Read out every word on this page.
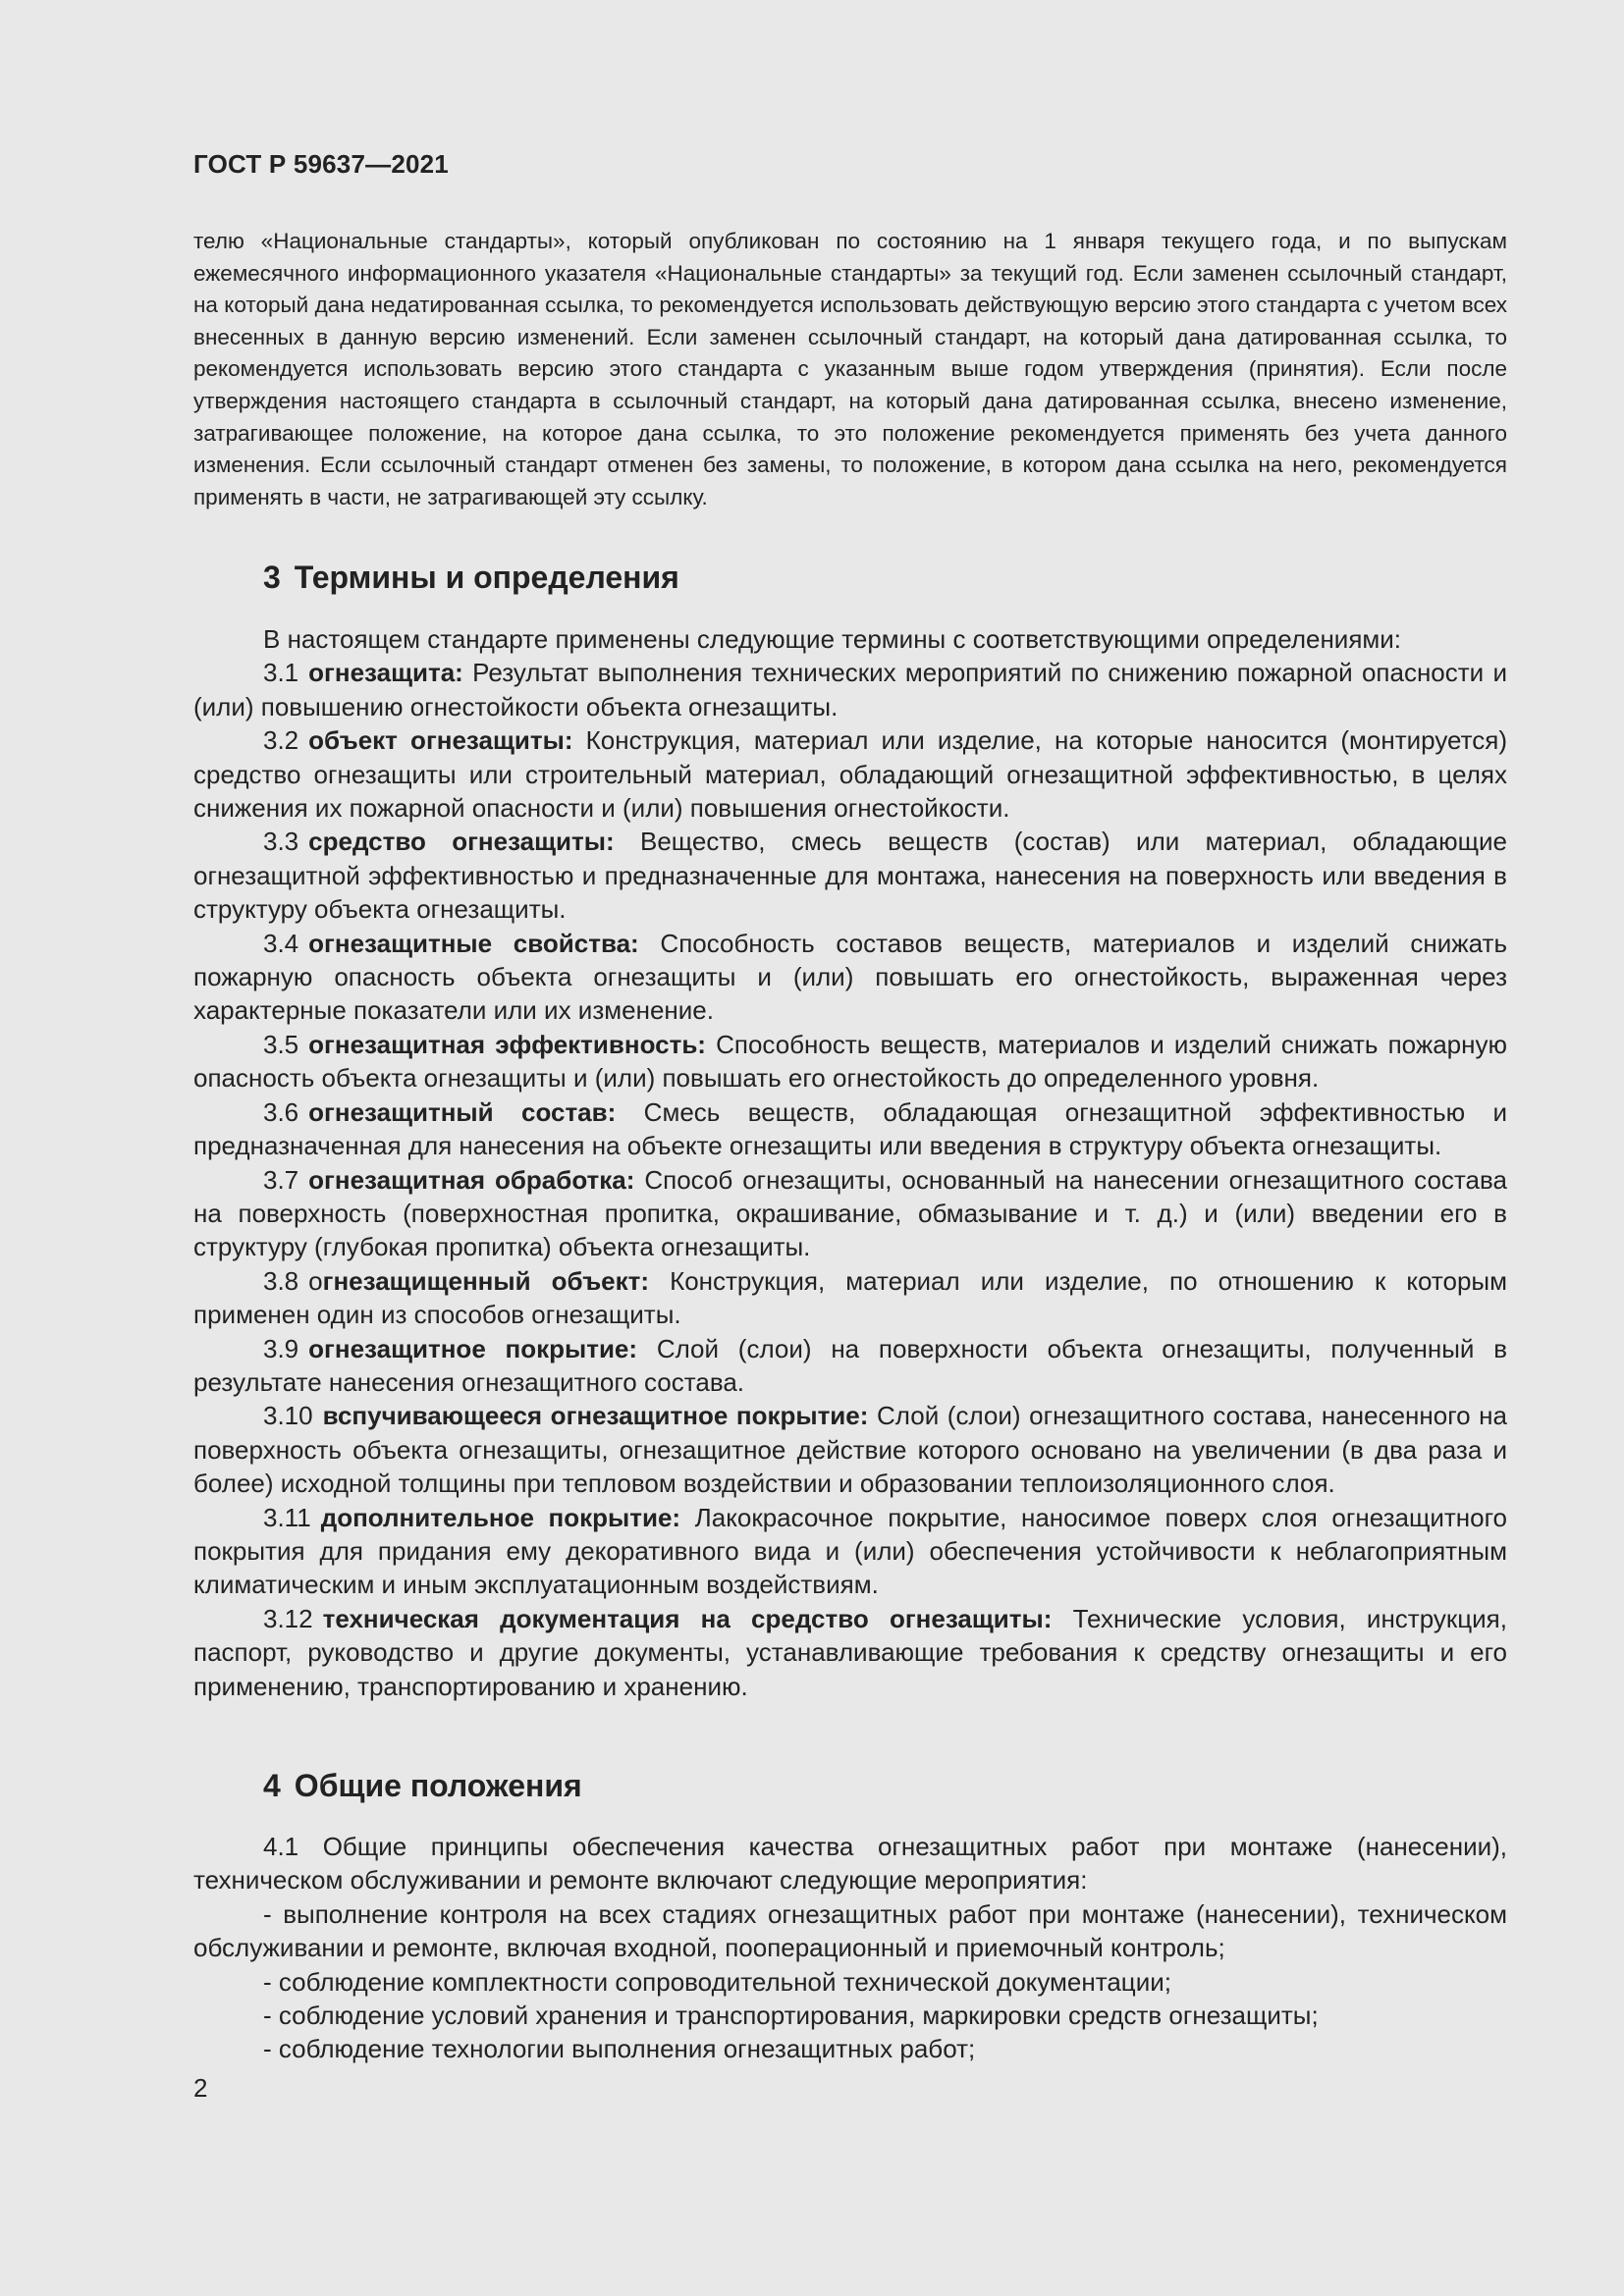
ГОСТ Р 59637—2021

телю «Национальные стандарты», который опубликован по состоянию на 1 января текущего года, и по выпускам ежемесячного информационного указателя «Национальные стандарты» за текущий год. Если заменен ссылочный стандарт, на который дана недатированная ссылка, то рекомендуется использовать действующую версию этого стандарта с учетом всех внесенных в данную версию изменений. Если заменен ссылочный стандарт, на который дана датированная ссылка, то рекомендуется использовать версию этого стандарта с указанным выше годом утверждения (принятия). Если после утверждения настоящего стандарта в ссылочный стандарт, на который дана датированная ссылка, внесено изменение, затрагивающее положение, на которое дана ссылка, то это положение рекомендуется применять без учета данного изменения. Если ссылочный стандарт отменен без замены, то положение, в котором дана ссылка на него, рекомендуется применять в части, не затрагивающей эту ссылку.

3 Термины и определения

В настоящем стандарте применены следующие термины с соответствующими определениями:

3.1 огнезащита: Результат выполнения технических мероприятий по снижению пожарной опасности и (или) повышению огнестойкости объекта огнезащиты.

3.2 объект огнезащиты: Конструкция, материал или изделие, на которые наносится (монтируется) средство огнезащиты или строительный материал, обладающий огнезащитной эффективностью, в целях снижения их пожарной опасности и (или) повышения огнестойкости.

3.3 средство огнезащиты: Вещество, смесь веществ (состав) или материал, обладающие огнезащитной эффективностью и предназначенные для монтажа, нанесения на поверхность или введения в структуру объекта огнезащиты.

3.4 огнезащитные свойства: Способность составов веществ, материалов и изделий снижать пожарную опасность объекта огнезащиты и (или) повышать его огнестойкость, выраженная через характерные показатели или их изменение.

3.5 огнезащитная эффективность: Способность веществ, материалов и изделий снижать пожарную опасность объекта огнезащиты и (или) повышать его огнестойкость до определенного уровня.

3.6 огнезащитный состав: Смесь веществ, обладающая огнезащитной эффективностью и предназначенная для нанесения на объекте огнезащиты или введения в структуру объекта огнезащиты.

3.7 огнезащитная обработка: Способ огнезащиты, основанный на нанесении огнезащитного состава на поверхность (поверхностная пропитка, окрашивание, обмазывание и т. д.) и (или) введении его в структуру (глубокая пропитка) объекта огнезащиты.

3.8 огнезащищенный объект: Конструкция, материал или изделие, по отношению к которым применен один из способов огнезащиты.

3.9 огнезащитное покрытие: Слой (слои) на поверхности объекта огнезащиты, полученный в результате нанесения огнезащитного состава.

3.10 вспучивающееся огнезащитное покрытие: Слой (слои) огнезащитного состава, нанесенного на поверхность объекта огнезащиты, огнезащитное действие которого основано на увеличении (в два раза и более) исходной толщины при тепловом воздействии и образовании теплоизоляционного слоя.

3.11 дополнительное покрытие: Лакокрасочное покрытие, наносимое поверх слоя огнезащитного покрытия для придания ему декоративного вида и (или) обеспечения устойчивости к неблагоприятным климатическим и иным эксплуатационным воздействиям.

3.12 техническая документация на средство огнезащиты: Технические условия, инструкция, паспорт, руководство и другие документы, устанавливающие требования к средству огнезащиты и его применению, транспортированию и хранению.

4 Общие положения

4.1 Общие принципы обеспечения качества огнезащитных работ при монтаже (нанесении), техническом обслуживании и ремонте включают следующие мероприятия:

- выполнение контроля на всех стадиях огнезащитных работ при монтаже (нанесении), техническом обслуживании и ремонте, включая входной, пооперационный и приемочный контроль;

- соблюдение комплектности сопроводительной технической документации;

- соблюдение условий хранения и транспортирования, маркировки средств огнезащиты;

- соблюдение технологии выполнения огнезащитных работ;

2
